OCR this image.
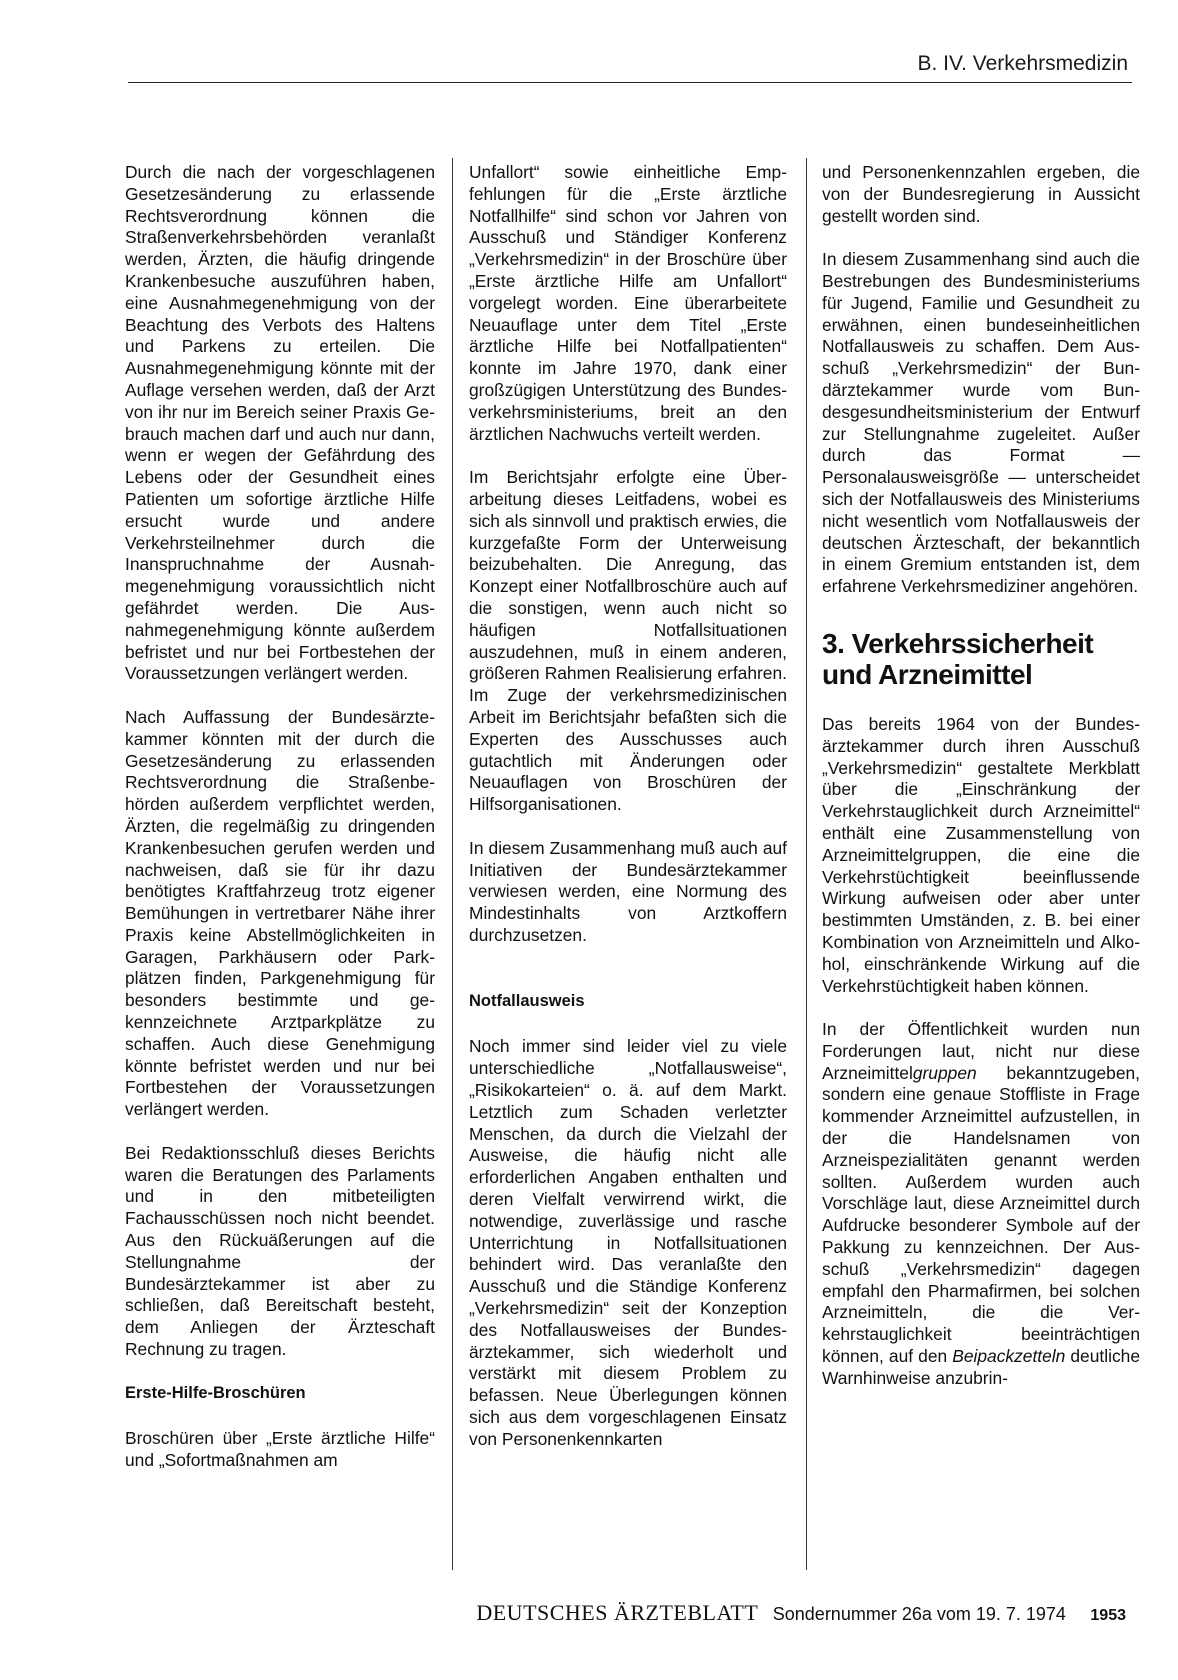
B. IV. Verkehrsmedizin

Durch die nach der vorgeschlagenen Gesetzesänderung zu erlassende Rechtsverordnung können die Straßenverkehrsbehörden veranlaßt werden, Ärzten, die häufig dringende Krankenbesuche auszuführen haben, eine Ausnahmegenehmigung von der Beachtung des Verbots des Haltens und Parkens zu erteilen. Die Ausnahmegenehmigung könnte mit der Auflage versehen werden, daß der Arzt von ihr nur im Bereich seiner Praxis Gebrauch machen darf und auch nur dann, wenn er wegen der Gefährdung des Lebens oder der Gesundheit eines Patienten um sofortige ärztliche Hilfe ersucht wurde und andere Verkehrsteilnehmer durch die Inanspruchnahme der Ausnahmegenehmigung voraussichtlich nicht gefährdet werden. Die Ausnahmegenehmigung könnte außerdem befristet und nur bei Fortbestehen der Voraussetzungen verlängert werden.

Nach Auffassung der Bundesärztekammer könnten mit der durch die Gesetzesänderung zu erlassenden Rechtsverordnung die Straßenbehörden außerdem verpflichtet werden, Ärzten, die regelmäßig zu dringenden Krankenbesuchen gerufen werden und nachweisen, daß sie für ihr dazu benötigtes Kraftfahrzeug trotz eigener Bemühungen in vertretbarer Nähe ihrer Praxis keine Abstellmöglichkeiten in Garagen, Parkhäusern oder Parkplätzen finden, Parkgenehmigung für besonders bestimmte und gekennzeichnete Arztparkplätze zu schaffen. Auch diese Genehmigung könnte befristet werden und nur bei Fortbestehen der Voraussetzungen verlängert werden.

Bei Redaktionsschluß dieses Berichts waren die Beratungen des Parlaments und in den mitbeteiligten Fachausschüssen noch nicht beendet. Aus den Rückuäßerungen auf die Stellungnahme der Bundesärztekammer ist aber zu schließen, daß Bereitschaft besteht, dem Anliegen der Ärzteschaft Rechnung zu tragen.

Erste-Hilfe-Broschüren

Broschüren über „Erste ärztliche Hilfe“ und „Sofortmaßnahmen am

Unfallort“ sowie einheitliche Empfehlungen für die „Erste ärztliche Notfallhilfe“ sind schon vor Jahren von Ausschuß und Ständiger Konferenz „Verkehrsmedizin“ in der Broschüre über „Erste ärztliche Hilfe am Unfallort“ vorgelegt worden. Eine überarbeitete Neuauflage unter dem Titel „Erste ärztliche Hilfe bei Notfallpatienten“ konnte im Jahre 1970, dank einer großzügigen Unterstützung des Bundesverkehrsministeriums, breit an den ärztlichen Nachwuchs verteilt werden.

Im Berichtsjahr erfolgte eine Überarbeitung dieses Leitfadens, wobei es sich als sinnvoll und praktisch erwies, die kurzgefaßte Form der Unterweisung beizubehalten. Die Anregung, das Konzept einer Notfallbroschüre auch auf die sonstigen, wenn auch nicht so häufigen Notfallsituationen auszudehnen, muß in einem anderen, größeren Rahmen Realisierung erfahren. Im Zuge der verkehrsmedizinischen Arbeit im Berichtsjahr befaßten sich die Experten des Ausschusses auch gutachtlich mit Änderungen oder Neuauflagen von Broschüren der Hilfsorganisationen.

In diesem Zusammenhang muß auch auf Initiativen der Bundesärztekammer verwiesen werden, eine Normung des Mindestinhalts von Arztkoffern durchzusetzen.

Notfallausweis

Noch immer sind leider viel zu viele unterschiedliche „Notfallausweise“, „Risikokarteien“ o. ä. auf dem Markt. Letztlich zum Schaden verletzter Menschen, da durch die Vielzahl der Ausweise, die häufig nicht alle erforderlichen Angaben enthalten und deren Vielfalt verwirrend wirkt, die notwendige, zuverlässige und rasche Unterrichtung in Notfallsituationen behindert wird. Das veranlaßte den Ausschuß und die Ständige Konferenz „Verkehrsmedizin“ seit der Konzeption des Notfallausweises der Bundesärztekammer, sich wiederholt und verstärkt mit diesem Problem zu befassen. Neue Überlegungen können sich aus dem vorgeschlagenen Einsatz von Personenkennkarten

und Personenkennzahlen ergeben, die von der Bundesregierung in Aussicht gestellt worden sind.

In diesem Zusammenhang sind auch die Bestrebungen des Bundesministeriums für Jugend, Familie und Gesundheit zu erwähnen, einen bundeseinheitlichen Notfallausweis zu schaffen. Dem Ausschuß „Verkehrsmedizin“ der Bundärztekammer wurde vom Bundesgesundheitsministerium der Entwurf zur Stellungnahme zugeleitet. Außer durch das Format — Personalausweisgröße — unterscheidet sich der Notfallausweis des Ministeriums nicht wesentlich vom Notfallausweis der deutschen Ärzteschaft, der bekanntlich in einem Gremium entstanden ist, dem erfahrene Verkehrsmediziner angehören.

3. Verkehrssicherheit und Arzneimittel

Das bereits 1964 von der Bundesärztekammer durch ihren Ausschuß „Verkehrsmedizin“ gestaltete Merkblatt über die „Einschränkung der Verkehrstauglichkeit durch Arzneimittel“ enthält eine Zusammenstellung von Arzneimittelgruppen, die eine die Verkehrstüchtigkeit beeinflussende Wirkung aufweisen oder aber unter bestimmten Umständen, z. B. bei einer Kombination von Arzneimitteln und Alkohol, einschränkende Wirkung auf die Verkehrstüchtigkeit haben können.

In der Öffentlichkeit wurden nun Forderungen laut, nicht nur diese Arzneimittelgruppen bekanntzugeben, sondern eine genaue Stoffliste in Frage kommender Arzneimittel aufzustellen, in der die Handelsnamen von Arzneispezialitäten genannt werden sollten. Außerdem wurden auch Vorschläge laut, diese Arzneimittel durch Aufdrucke besonderer Symbole auf der Pakkung zu kennzeichnen. Der Ausschuß „Verkehrsmedizin“ dagegen empfahl den Pharmafirmen, bei solchen Arzneimitteln, die die Verkehrstauglichkeit beeinträchtigen können, auf den Beipackzetteln deutliche Warnhinweise anzubrin-

DEUTSCHES ÄRZTEBLATT Sondernummer 26a vom 19. 7. 1974 1953
